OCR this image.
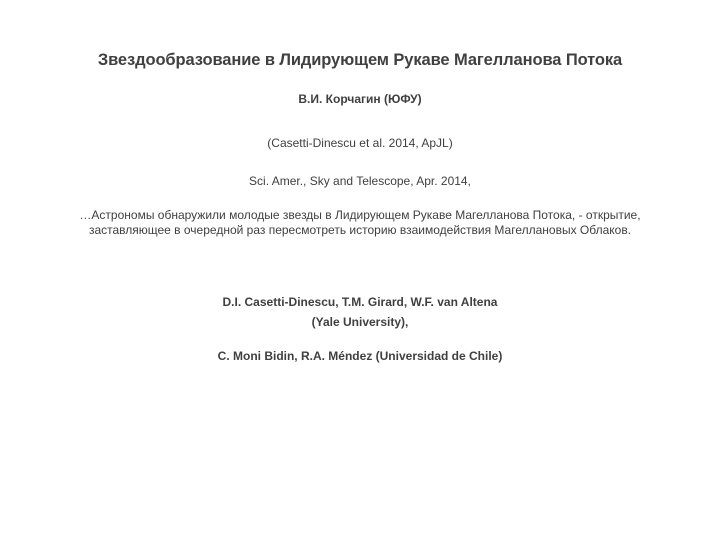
Звездообразование в Лидирующем Рукаве Магелланова Потока
В.И. Корчагин (ЮФУ)
(Casetti-Dinescu et al. 2014, ApJL)
Sci. Amer., Sky and Telescope, Apr. 2014,
…Астрономы обнаружили молодые звезды в Лидирующем Рукаве Магелланова Потока, - открытие,
заставляющее в очередной раз пересмотреть историю взаимодействия Магеллановых Облаков.
D.I. Casetti-Dinescu, T.M. Girard, W.F. van Altena
(Yale University),
C. Moni Bidin, R.A. Méndez (Universidad de Chile)
